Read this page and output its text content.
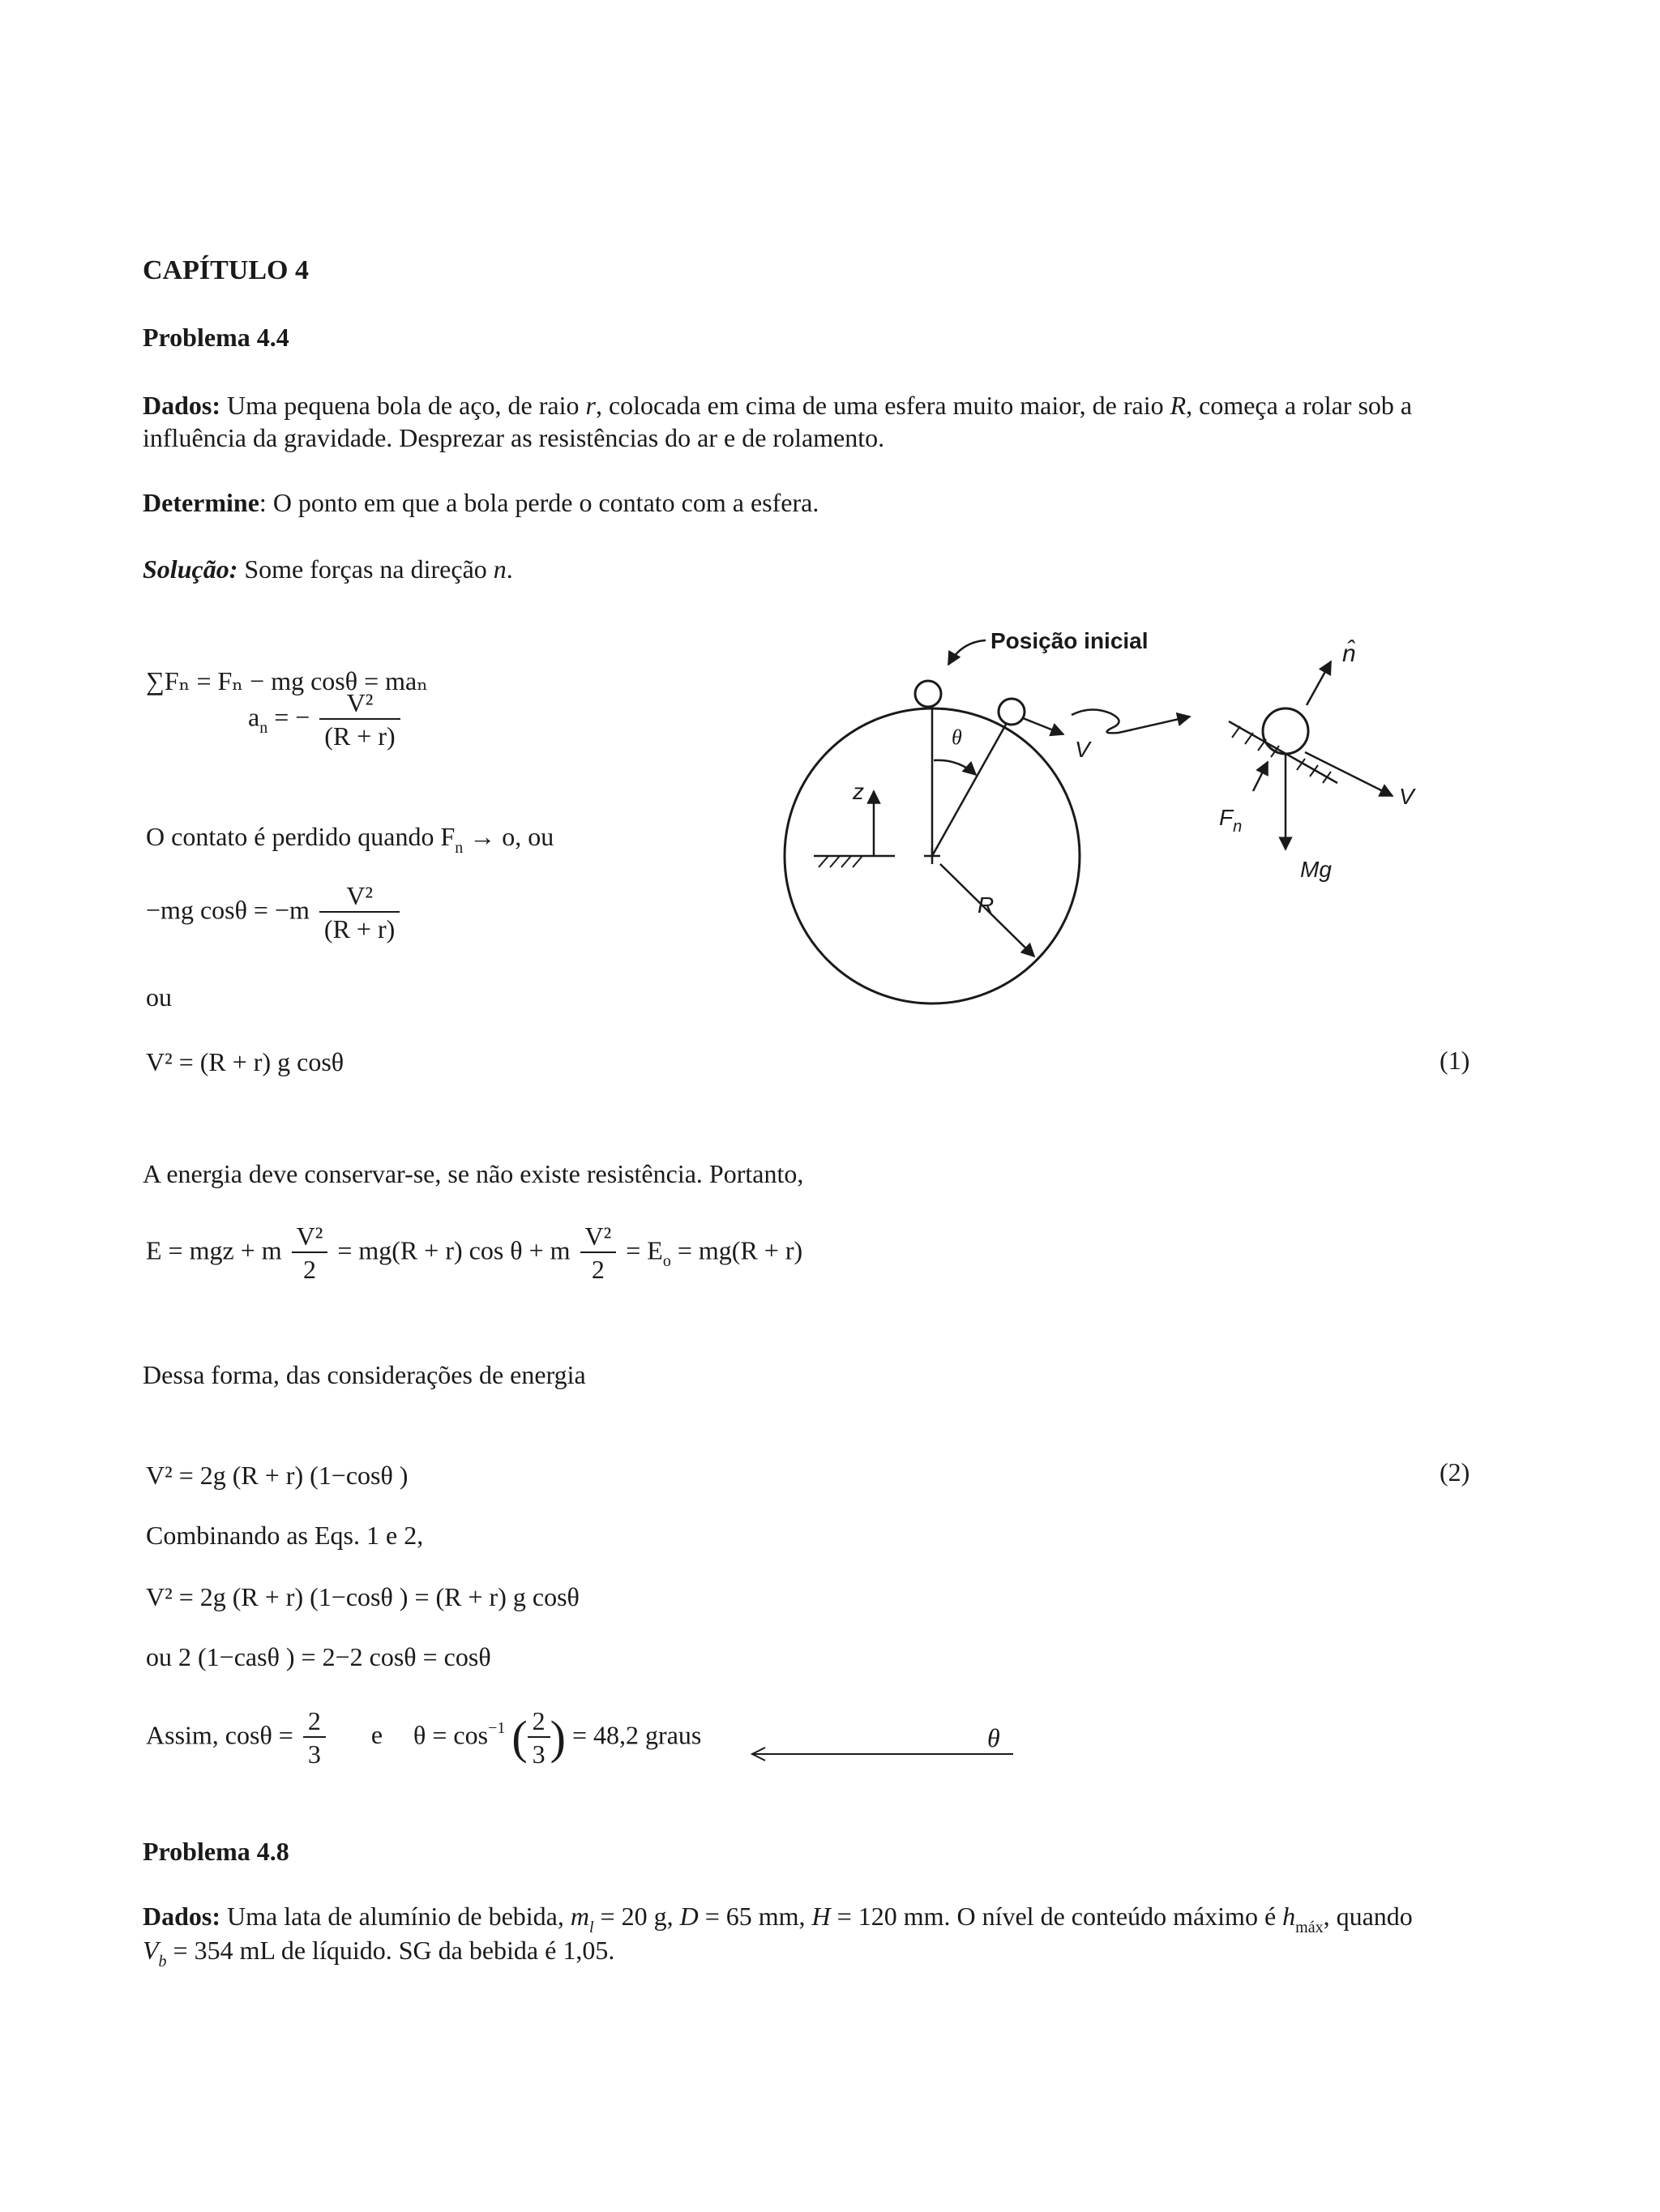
CAPÍTULO 4
Problema 4.4
Dados: Uma pequena bola de aço, de raio r, colocada em cima de uma esfera muito maior, de raio R, começa a rolar sob a
influência da gravidade. Desprezar as resistências do ar e de rolamento.
Determine: O ponto em que a bola perde o contato com a esfera.
Solução: Some forças na direção n.
∑Fₙ = Fₙ − mg cosθ = maₙ
$a_n$ = − $\frac{\text{V²}}{(R + r)}$
O contato é perdido quando $F_n \to o$, ou
−mg $\cos\theta = -m \frac{\text{V²}}{(R + r)}$
ou
V² = (R + r) g cosθ	(1)
A energia deve conservar-se, se não existe resistência. Portanto,
E = mgz + m $\frac{\text{V²}}{2} = mg(R + r)$ cos θ + m $\frac{\text{V²}}{2} = E_o = mg(R + r)$
Dessa forma, das considerações de energia
V² = 2g (R + r) (1−cosθ )	(2)
Combinando as Eqs. 1 e 2,
V² = 2g (R + r) (1−cosθ ) = (R + r) g cosθ
ou 2 (1−casθ ) = 2−2 cosθ = cosθ
Assim, $\cos\theta = \frac{2}{3}$ e $\theta = \cos^{-1}$ ( $\frac{2}{3}$ ) = 48,2 graus	θ
Problema 4.8
Dados: Uma lata de alumínio de bebida, $m_l = 20$ g, D = 65 mm, H = 120 mm. O nível de conteúdo máximo é $h_{máx}$, quando
$V_b = 354$ mL de líquido. SG da bebida é 1,05.
θ
R
V
z
Posição inicial	n̂
V
$F_n$
Mg
